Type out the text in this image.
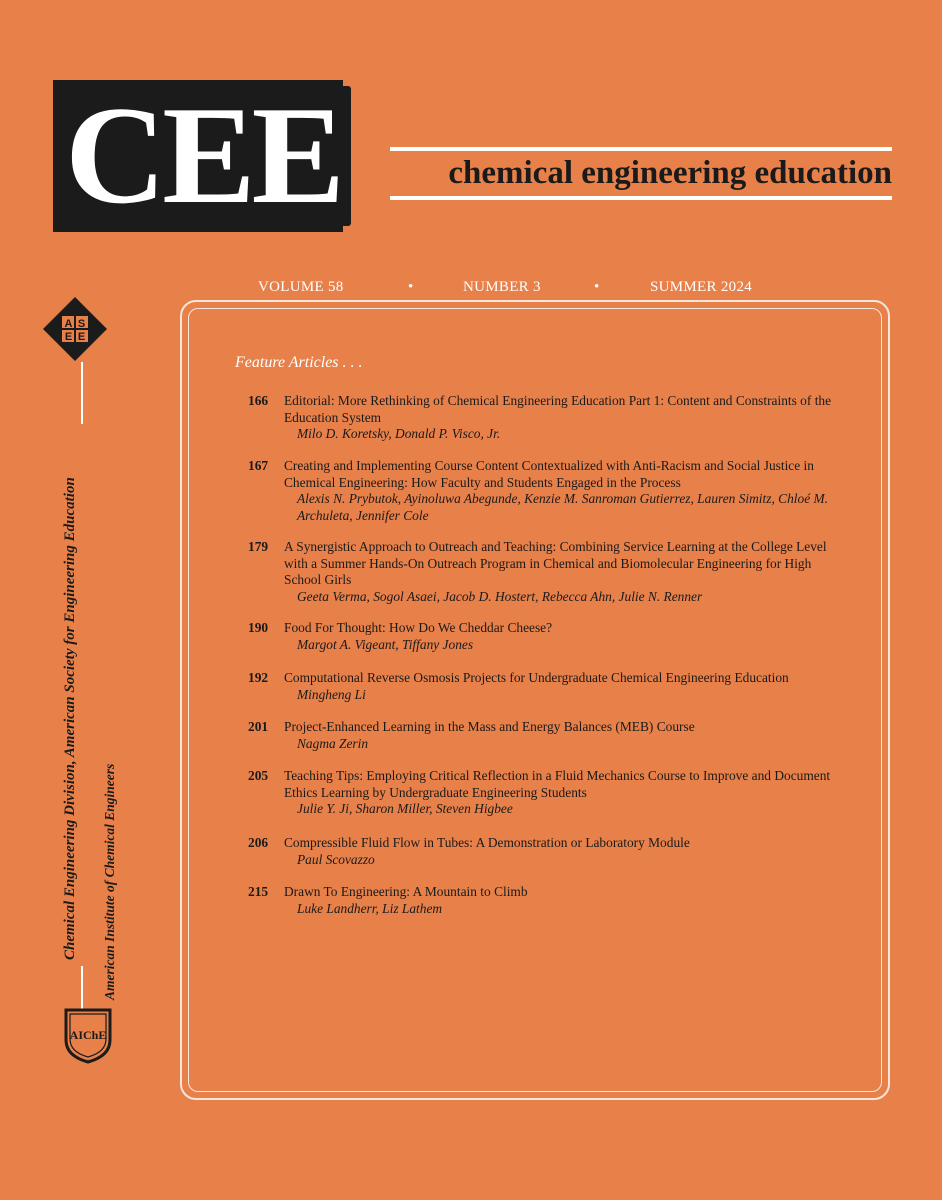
CEE	chemical engineering education
VOLUME 58	•	NUMBER 3	•	SUMMER 2024
A S
E E
Chemical Engineering Division, American Society for Engineering Education American Institute of Chemical Engineers
AIChE
Feature Articles . . .
166	Editorial: More Rethinking of Chemical Engineering Education Part 1: Content and Constraints of the Education System
Milo D. Koretsky, Donald P. Visco, Jr.
167	Creating and Implementing Course Content Contextualized with Anti-Racism and Social Justice in Chemical Engineering: How Faculty and Students Engaged in the Process
Alexis N. Prybutok, Ayinoluwa Abegunde, Kenzie M. Sanroman Gutierrez, Lauren Simitz, Chloé M. Archuleta, Jennifer Cole
179	A Synergistic Approach to Outreach and Teaching: Combining Service Learning at the College Level with a Summer Hands-On Outreach Program in Chemical and Biomolecular Engineering for High School Girls
Geeta Verma, Sogol Asaei, Jacob D. Hostert, Rebecca Ahn, Julie N. Renner
190	Food For Thought: How Do We Cheddar Cheese?
Margot A. Vigeant, Tiffany Jones
192	Computational Reverse Osmosis Projects for Undergraduate Chemical Engineering Education
Mingheng Li
201	Project-Enhanced Learning in the Mass and Energy Balances (MEB) Course
Nagma Zerin
205	Teaching Tips: Employing Critical Reflection in a Fluid Mechanics Course to Improve and Document Ethics Learning by Undergraduate Engineering Students
Julie Y. Ji, Sharon Miller, Steven Higbee
206	Compressible Fluid Flow in Tubes: A Demonstration or Laboratory Module
Paul Scovazzo
215	Drawn To Engineering: A Mountain to Climb
Luke Landherr, Liz Lathem
